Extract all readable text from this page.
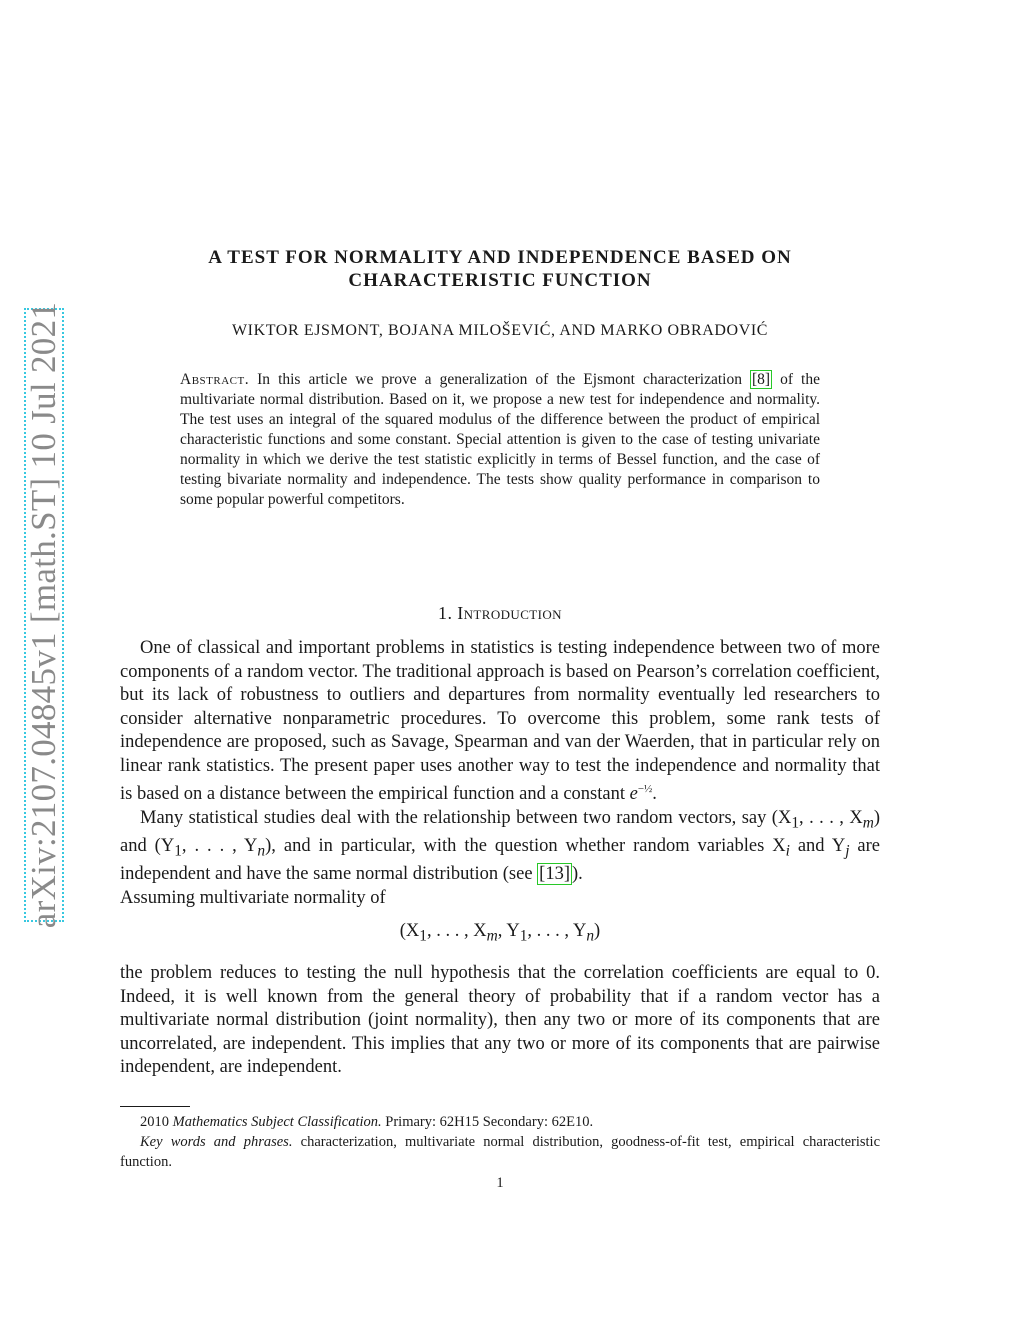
arXiv:2107.04845v1 [math.ST] 10 Jul 2021
A TEST FOR NORMALITY AND INDEPENDENCE BASED ON
CHARACTERISTIC FUNCTION
WIKTOR EJSMONT, BOJANA MILOŠEVIĆ, AND MARKO OBRADOVIĆ
Abstract. In this article we prove a generalization of the Ejsmont characterization [8] of the multivariate normal distribution. Based on it, we propose a new test for independence and normality. The test uses an integral of the squared modulus of the difference between the product of empirical characteristic functions and some constant. Special attention is given to the case of testing univariate normality in which we derive the test statistic explicitly in terms of Bessel function, and the case of testing bivariate normality and independence. The tests show quality performance in comparison to some popular powerful competitors.
1. Introduction

One of classical and important problems in statistics is testing independence between two of more components of a random vector. The traditional approach is based on Pearson’s correlation coefficient, but its lack of robustness to outliers and departures from normality eventually led researchers to consider alternative nonparametric procedures. To overcome this problem, some rank tests of independence are proposed, such as Savage, Spearman and van der Waerden, that in particular rely on linear rank statistics. The present paper uses another way to test the independence and normality that is based on a distance between the empirical function and a constant $e^{-\frac{1}{2}}$.

Many statistical studies deal with the relationship between two random vectors, say ($X_1$, . . . , $X_m$) and ($Y_1$, . . . , $Y_n$), and in particular, with the question whether random variables $X_i$ and $Y_j$ are independent and have the same normal distribution (see [13] ).

Assuming multivariate normality of

($X_1$, . . . , $X_m$, $Y_1$, . . . , $Y_n$)

the problem reduces to testing the null hypothesis that the correlation coefficients are equal to 0. Indeed, it is well known from the general theory of probability that if a random vector has a multivariate normal distribution (joint normality), then any two or more of its components that are uncorrelated, are independent. This implies that any two or more of its components that are pairwise independent, are independent.

2010 Mathematics Subject Classification. Primary: 62H15 Secondary: 62E10.

Key words and phrases. characterization, multivariate normal distribution, goodness-of-fit test, empirical characteristic function.

1
